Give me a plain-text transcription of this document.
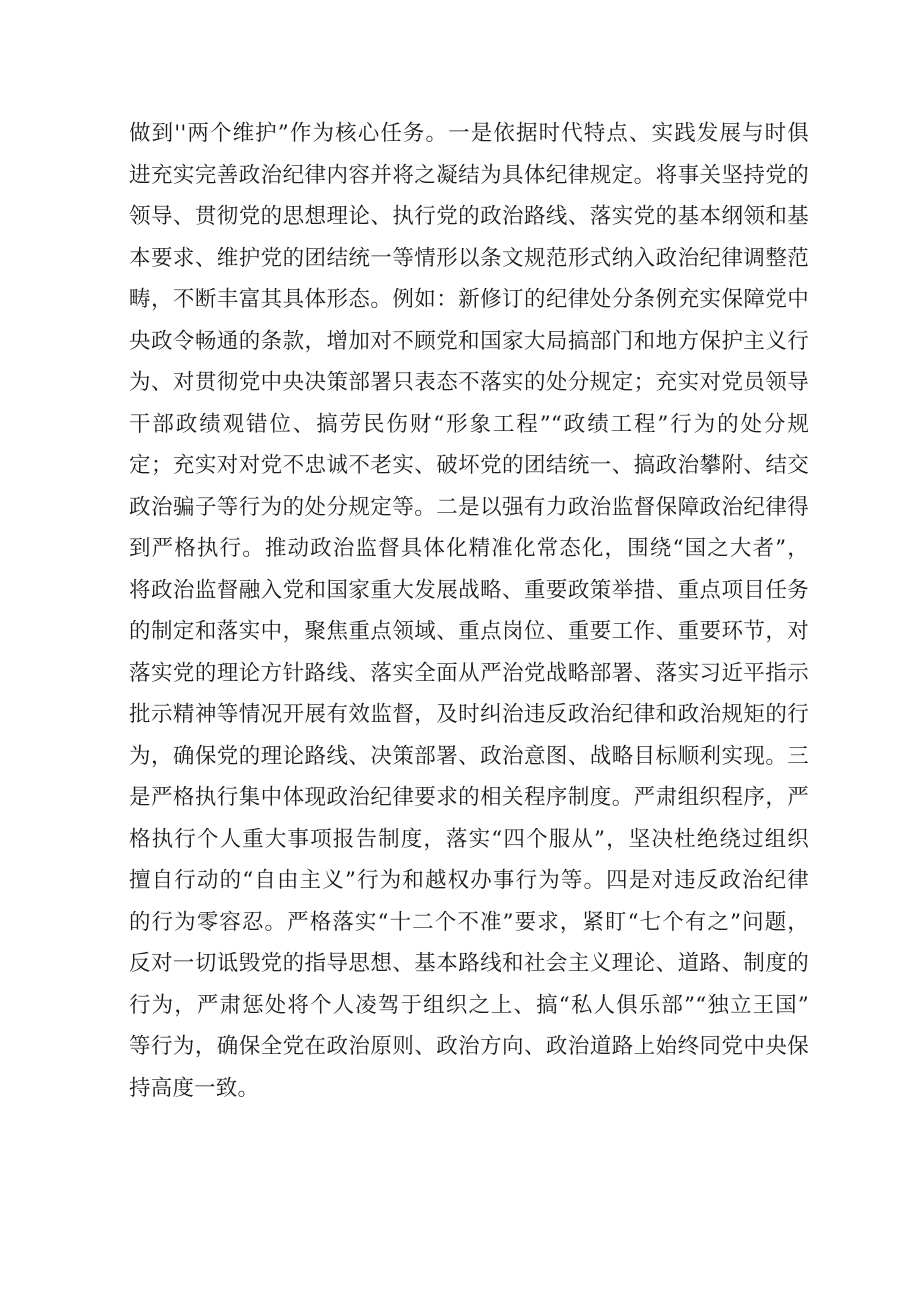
做到''两个维护”作为核心任务。一是依据时代特点、实践发展与时俱
进充实完善政治纪律内容并将之凝结为具体纪律规定。将事关坚持党的
领导、贯彻党的思想理论、执行党的政治路线、落实党的基本纲领和基
本要求、维护党的团结统一等情形以条文规范形式纳入政治纪律调整范
畴，不断丰富其具体形态。例如：新修订的纪律处分条例充实保障党中
央政令畅通的条款，增加对不顾党和国家大局搞部门和地方保护主义行
为、对贯彻党中央决策部署只表态不落实的处分规定；充实对党员领导
干部政绩观错位、搞劳民伤财“形象工程”“政绩工程”行为的处分规
定；充实对对党不忠诚不老实、破坏党的团结统一、搞政治攀附、结交
政治骗子等行为的处分规定等。二是以强有力政治监督保障政治纪律得
到严格执行。推动政治监督具体化精准化常态化，围绕“国之大者”，
将政治监督融入党和国家重大发展战略、重要政策举措、重点项目任务
的制定和落实中，聚焦重点领域、重点岗位、重要工作、重要环节，对
落实党的理论方针路线、落实全面从严治党战略部署、落实习近平指示
批示精神等情况开展有效监督，及时纠治违反政治纪律和政治规矩的行
为，确保党的理论路线、决策部署、政治意图、战略目标顺利实现。三
是严格执行集中体现政治纪律要求的相关程序制度。严肃组织程序，严
格执行个人重大事项报告制度，落实“四个服从”，坚决杜绝绕过组织
擅自行动的“自由主义”行为和越权办事行为等。四是对违反政治纪律
的行为零容忍。严格落实“十二个不准”要求，紧盯“七个有之”问题，
反对一切诋毁党的指导思想、基本路线和社会主义理论、道路、制度的
行为，严肃惩处将个人凌驾于组织之上、搞“私人俱乐部”“独立王国”
等行为，确保全党在政治原则、政治方向、政治道路上始终同党中央保
持高度一致。
